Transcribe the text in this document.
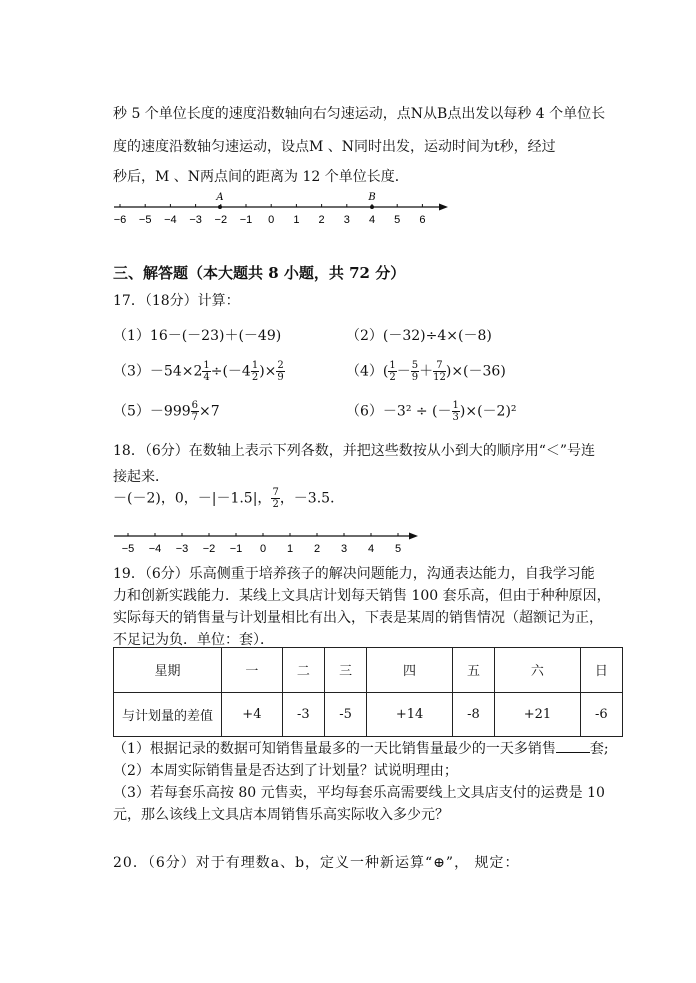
秒 5 个单位长度的速度沿数轴向右匀速运动，点N从B点出发以每秒 4 个单位长
度的速度沿数轴匀速运动，设点M 、N同时出发，运动时间为t秒，经过
秒后，M 、N两点间的距离为 12 个单位长度．
−6 −5 −4 −3 −2 −1 0 1 2 3 4 5 6
A	B
三、解答题（本大题共 8 小题，共 72 分）
17．（18分）计算：
（1）16－(－23)＋(－49)	（2）(－32)÷4×(－8)
$(3)-54\times 2 \frac{1}{4} \div(-4 \frac{1}{2}$ )× $\frac{2}{9}$	$(4)( \frac{1}{2} - \frac{5}{9} + \frac{7}{12} )\times(-36)$
$(5)-999 \frac{6}{7} \times 7$	（6）－3² ÷ (－ $\frac{1}{3} )\times(-2)^2$
18．（6分）在数轴上表示下列各数，并把这些数按从小到大的顺序用“＜”号连
接起来．
－(－2)，0，－|－1.5|， $\frac{7}{2}$ ，－3.5．
−5 −4 −3 −2 −1 0 1 2 3 4 5
19．（6分）乐高侧重于培养孩子的解决问题能力，沟通表达能力，自我学习能
力和创新实践能力．某线上文具店计划每天销售 100 套乐高，但由于种种原因，
实际每天的销售量与计划量相比有出入，下表是某周的销售情况（超额记为正，
不足记为负．单位：套）．
星期	一	二	三	四	五	六	日
与计划量的差值	+4	-3	-5	+14	-8	+21	-6
（1）根据记录的数据可知销售量最多的一天比销售量最少的一天多销售 套;
（2）本周实际销售量是否达到了计划量？试说明理由；
（3）若每套乐高按 80 元售卖，平均每套乐高需要线上文具店支付的运费是 10
元，那么该线上文具店本周销售乐高实际收入多少元？
20．（6分）对于有理数a、b，定义一种新运算“⊕”， 规定：
